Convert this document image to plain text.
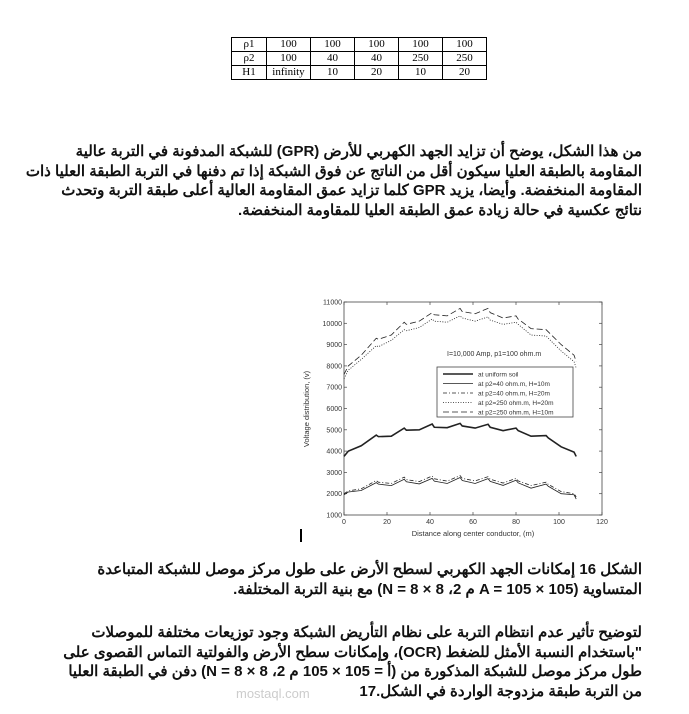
ρ1	100	100	100	100	100
ρ2	100	40	40	250	250
H1	infinity	10	20	10	20
من هذا الشكل، يوضح أن تزايد الجهد الكهربي للأرض (GPR) للشبكة المدفونة في التربة عالية
المقاومة بالطبقة العليا سيكون أقل من الناتج عن فوق الشبكة إذا تم دفنها في التربة الطبقة العليا ذات
المقاومة المنخفضة. وأيضا، يزيد GPR كلما تزايد عمق المقاومة العالية أعلى طبقة التربة وتحدث
نتائج عكسية في حالة زيادة عمق الطبقة العليا للمقاومة المنخفضة.
0	20	40	60	80	100	120
1000
2000
3000
4000
5000
6000
7000
8000
9000
10000
11000
I=10,000 Amp, p1=100 ohm.m
at uniform soil
at p2=40 ohm.m, H=10m
at p2=40 ohm.m, H=20m
at p2=250 ohm.m, H=20m
at p2=250 ohm.m, H=10m
Distance along center conductor, (m)
Voltage distribution, (v)
الشكل 16 إمكانات الجهد الكهربي لسطح الأرض على طول مركز موصل للشبكة المتباعدة
المتساوية (A = 105 × 105 م 2، N = 8 × 8) مع بنية التربة المختلفة.
لتوضيح تأثير عدم انتظام التربة على نظام التأريض الشبكة وجود توزيعات مختلفة للموصلات
"باستخدام النسبة الأمثل للضغط (OCR)، وإمكانات سطح الأرض والفولتية التماس القصوى على
طول مركز موصل للشبكة المذكورة من (أ = 105 × 105 م 2، N = 8 × 8) دفن في الطبقة العليا
من التربة طبقة مزدوجة الواردة في الشكل.17
mostaql.com
